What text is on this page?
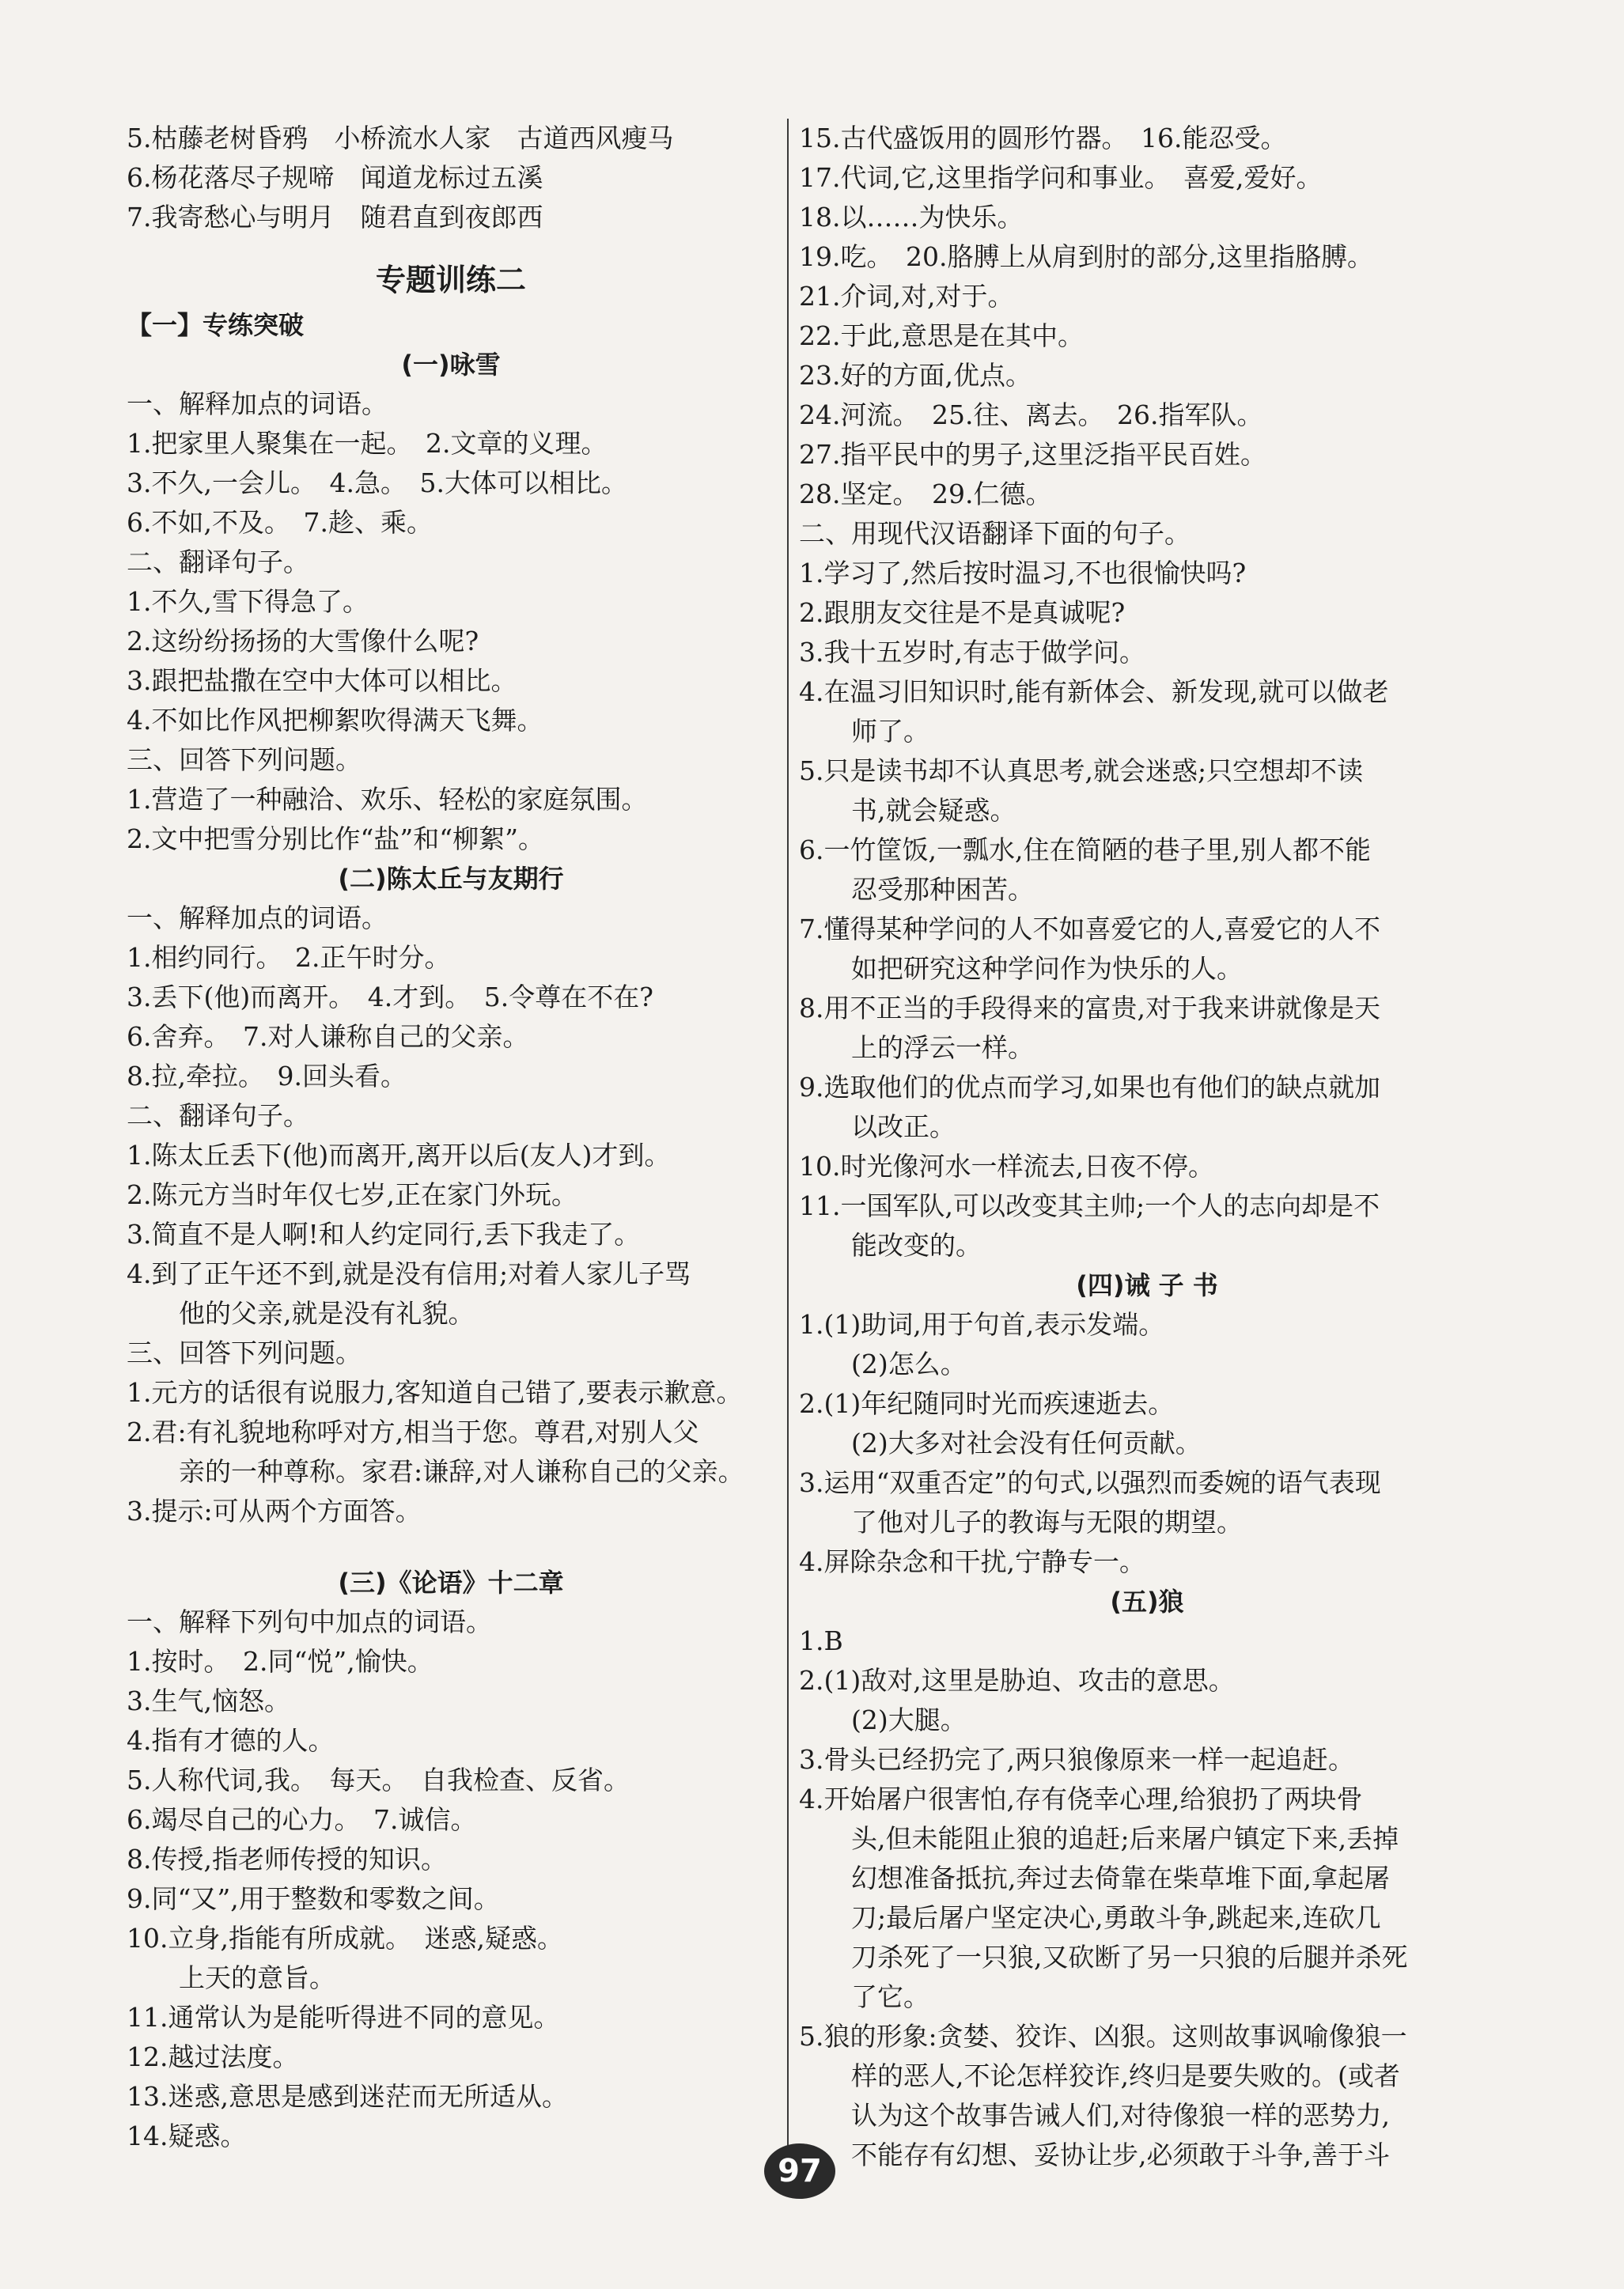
5.枯藤老树昏鸦　小桥流水人家　古道西风瘦马
6.杨花落尽子规啼　闻道龙标过五溪
7.我寄愁心与明月　随君直到夜郎西
专题训练二
【一】专练突破
(一)咏雪
一、解释加点的词语。
1.把家里人聚集在一起。　2.文章的义理。
3.不久,一会儿。　4.急。　5.大体可以相比。
6.不如,不及。　7.趁、乘。
二、翻译句子。
1.不久,雪下得急了。
2.这纷纷扬扬的大雪像什么呢?
3.跟把盐撒在空中大体可以相比。
4.不如比作风把柳絮吹得满天飞舞。
三、回答下列问题。
1.营造了一种融洽、欢乐、轻松的家庭氛围。
2.文中把雪分别比作“盐”和“柳絮”。
(二)陈太丘与友期行
一、解释加点的词语。
1.相约同行。　2.正午时分。
3.丢下(他)而离开。　4.才到。　5.令尊在不在?
6.舍弃。　7.对人谦称自己的父亲。
8.拉,牵拉。　9.回头看。
二、翻译句子。
1.陈太丘丢下(他)而离开,离开以后(友人)才到。
2.陈元方当时年仅七岁,正在家门外玩。
3.简直不是人啊!和人约定同行,丢下我走了。
4.到了正午还不到,就是没有信用;对着人家儿子骂
他的父亲,就是没有礼貌。
三、回答下列问题。
1.元方的话很有说服力,客知道自己错了,要表示歉意。
2.君:有礼貌地称呼对方,相当于您。尊君,对别人父
亲的一种尊称。家君:谦辞,对人谦称自己的父亲。
3.提示:可从两个方面答。
(三)《论语》十二章
一、解释下列句中加点的词语。
1.按时。　2.同“悦”,愉快。
3.生气,恼怒。
4.指有才德的人。
5.人称代词,我。　每天。　自我检查、反省。
6.竭尽自己的心力。　7.诚信。
8.传授,指老师传授的知识。
9.同“又”,用于整数和零数之间。
10.立身,指能有所成就。　迷惑,疑惑。
上天的意旨。
11.通常认为是能听得进不同的意见。
12.越过法度。
13.迷惑,意思是感到迷茫而无所适从。
14.疑惑。
15.古代盛饭用的圆形竹器。　16.能忍受。
17.代词,它,这里指学问和事业。　喜爱,爱好。
18.以……为快乐。
19.吃。　20.胳膊上从肩到肘的部分,这里指胳膊。
21.介词,对,对于。
22.于此,意思是在其中。
23.好的方面,优点。
24.河流。　25.往、离去。　26.指军队。
27.指平民中的男子,这里泛指平民百姓。
28.坚定。　29.仁德。
二、用现代汉语翻译下面的句子。
1.学习了,然后按时温习,不也很愉快吗?
2.跟朋友交往是不是真诚呢?
3.我十五岁时,有志于做学问。
4.在温习旧知识时,能有新体会、新发现,就可以做老
师了。
5.只是读书却不认真思考,就会迷惑;只空想却不读
书,就会疑惑。
6.一竹筐饭,一瓢水,住在简陋的巷子里,别人都不能
忍受那种困苦。
7.懂得某种学问的人不如喜爱它的人,喜爱它的人不
如把研究这种学问作为快乐的人。
8.用不正当的手段得来的富贵,对于我来讲就像是天
上的浮云一样。
9.选取他们的优点而学习,如果也有他们的缺点就加
以改正。
10.时光像河水一样流去,日夜不停。
11.一国军队,可以改变其主帅;一个人的志向却是不
能改变的。
(四)诫 子 书
1.(1)助词,用于句首,表示发端。
(2)怎么。
2.(1)年纪随同时光而疾速逝去。
(2)大多对社会没有任何贡献。
3.运用“双重否定”的句式,以强烈而委婉的语气表现
了他对儿子的教诲与无限的期望。
4.屏除杂念和干扰,宁静专一。
(五)狼
1.B
2.(1)敌对,这里是胁迫、攻击的意思。
(2)大腿。
3.骨头已经扔完了,两只狼像原来一样一起追赶。
4.开始屠户很害怕,存有侥幸心理,给狼扔了两块骨
头,但未能阻止狼的追赶;后来屠户镇定下来,丢掉
幻想准备抵抗,奔过去倚靠在柴草堆下面,拿起屠
刀;最后屠户坚定决心,勇敢斗争,跳起来,连砍几
刀杀死了一只狼,又砍断了另一只狼的后腿并杀死
了它。
5.狼的形象:贪婪、狡诈、凶狠。这则故事讽喻像狼一
样的恶人,不论怎样狡诈,终归是要失败的。(或者
认为这个故事告诫人们,对待像狼一样的恶势力,
不能存有幻想、妥协让步,必须敢于斗争,善于斗
97
